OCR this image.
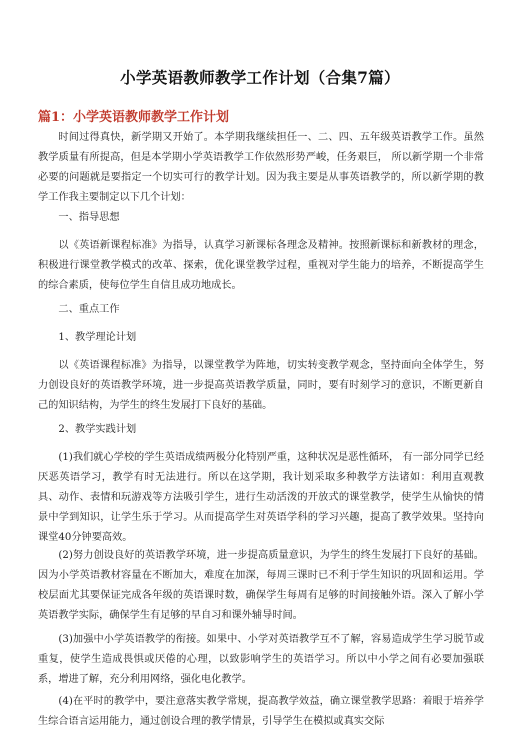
小学英语教师教学工作计划（合集7篇）
篇1：小学英语教师教学工作计划

时间过得真快，新学期又开始了。本学期我继续担任一、二、四、五年级英语教学工作。虽然教学质量有所提高，但是本学期小学英语教学工作依然形势严峻，任务艰巨， 所以新学期一个非常必要的问题就是要指定一个切实可行的教学计划。因为我主要是从事英语教学的，所以新学期的教学工作我主要制定以下几个计划：

一、指导思想

以《英语新课程标准》为指导，认真学习新课标各理念及精神。按照新课标和新教材的理念，积极进行课堂教学模式的改革、探索，优化课堂教学过程，重视对学生能力的培养，不断提高学生的综合素质，使每位学生自信且成功地成长。

二、重点工作

1、教学理论计划

以《英语课程标准》为指导，以课堂教学为阵地，切实转变教学观念，坚持面向全体学生，努力创设良好的英语教学环境，进一步提高英语教学质量，同时，要有时刻学习的意识，不断更新自己的知识结构，为学生的终生发展打下良好的基础。

2、教学实践计划

(1)我们就心学校的学生英语成绩两极分化特别严重，这种状况是恶性循环， 有一部分同学已经厌恶英语学习，教学有时无法进行。所以在这学期，我计划采取多种教学方法诸如：利用直观教具、动作、表情和玩游戏等方法吸引学生，进行生动活泼的开放式的课堂教学，使学生从愉快的情景中学到知识，让学生乐于学习。从而提高学生对英语学科的学习兴趣，提高了教学效果。坚持向课堂40分钟要高效。

(2)努力创设良好的英语教学环境，进一步提高质量意识，为学生的终生发展打下良好的基础。因为小学英语教材容量在不断加大，难度在加深，每周三课时已不利于学生知识的巩固和运用。学校层面尤其要保证完成各年级的英语课时数，确保学生每周有足够的时间接触外语。深入了解小学英语教学实际，确保学生有足够的早自习和课外辅导时间。

(3)加强中小学英语教学的衔接。如果中、小学对英语教学互不了解，容易造成学生学习脱节或重复，使学生造成畏惧或厌倦的心理，以致影响学生的英语学习。所以中小学之间有必要加强联系，增进了解，充分利用网络，强化电化教学。

(4)在平时的教学中，要注意落实教学常规，提高教学效益，确立课堂教学思路：着眼于培养学生综合语言运用能力，通过创设合理的教学情景，引导学生在模拟或真实交际
